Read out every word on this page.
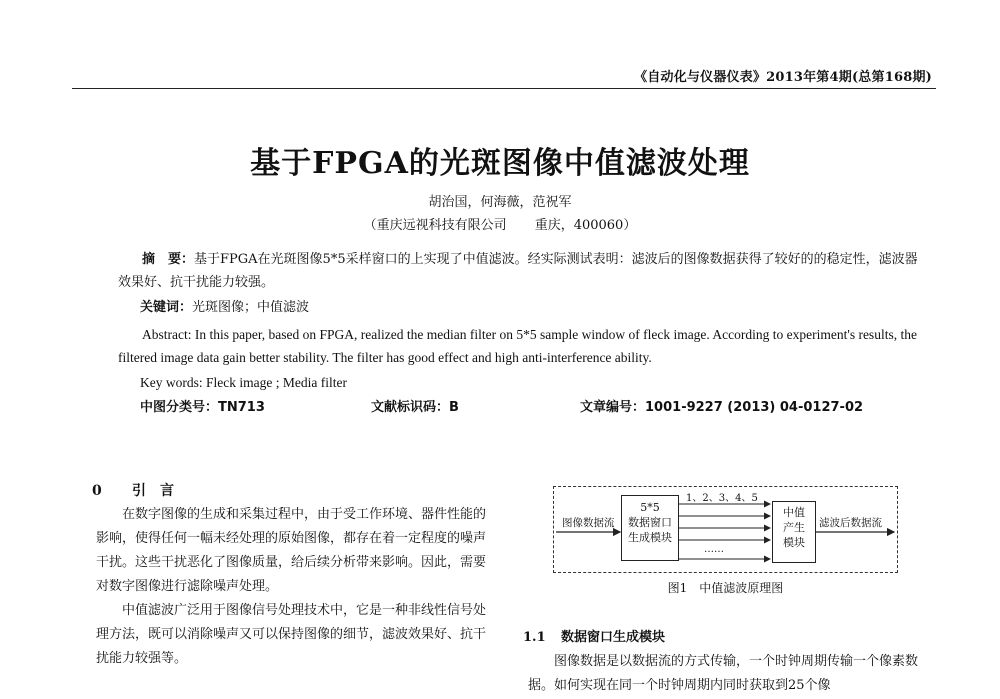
《自动化与仪器仪表》2013年第4期(总第168期)
基于FPGA的光斑图像中值滤波处理
胡治国，何海薇，范祝军
（重庆远视科技有限公司 重庆，400060）
摘　要：基于FPGA在光斑图像5*5采样窗口的上实现了中值滤波。经实际测试表明：滤波后的图像数据获得了较好的的稳定性，滤波器效果好、抗干扰能力较强。
关键词：光斑图像；中值滤波
Abstract: In this paper, based on FPGA, realized the median filter on 5*5 sample window of fleck image. According to experiment's results, the filtered image data gain better stability. The filter has good effect and high anti-interference ability.
Key words: Fleck image ; Media filter
中图分类号：TN713	文献标识码：B	文章编号：1001-9227 (2013) 04-0127-02
0 引　言

在数字图像的生成和采集过程中，由于受工作环境、器件性能的影响，使得任何一幅未经处理的原始图像，都存在着一定程度的噪声干扰。这些干扰恶化了图像质量，给后续分析带来影响。因此，需要对数字图像进行滤除噪声处理。

中值滤波广泛用于图像信号处理技术中，它是一种非线性信号处理方法，既可以消除噪声又可以保持图像的细节，滤波效果好、抗干扰能力较强等。

图像数据流
5*5
数据窗口
生成模块
1、2、3、4、5
……
中值
产生
模块
滤波后数据流
图1　中值滤波原理图
1.1 数据窗口生成模块
图像数据是以数据流的方式传输，一个时钟周期传输一个像素数据。如何实现在同一个时钟周期内同时获取到25个像
